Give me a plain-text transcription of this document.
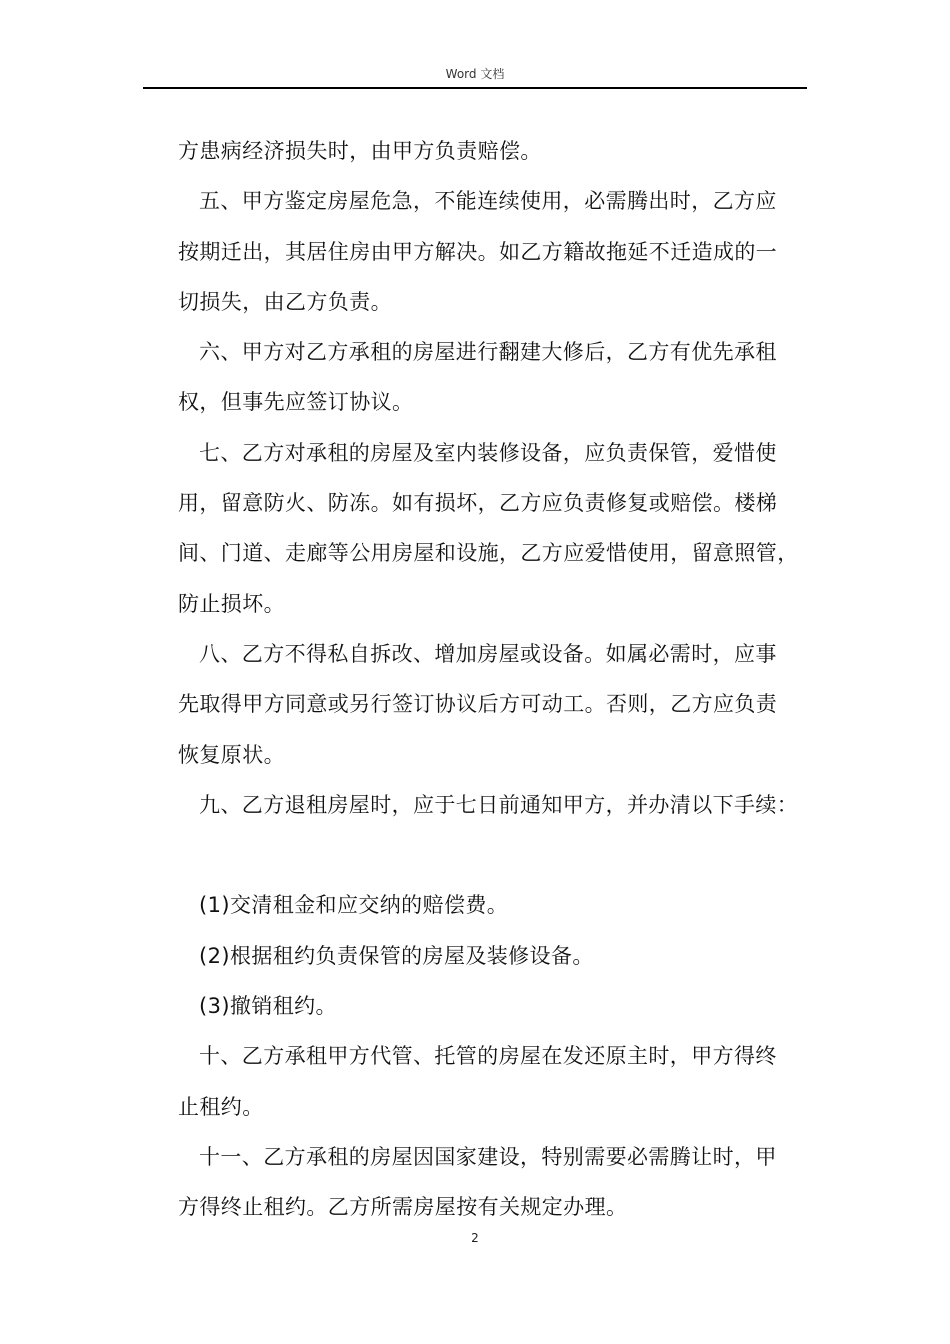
Word 文档
方患病经济损失时，由甲方负责赔偿。
五、甲方鉴定房屋危急，不能连续使用，必需腾出时，乙方应
按期迁出，其居住房由甲方解决。如乙方籍故拖延不迁造成的一
切损失，由乙方负责。
六、甲方对乙方承租的房屋进行翻建大修后，乙方有优先承租
权，但事先应签订协议。
七、乙方对承租的房屋及室内装修设备，应负责保管，爱惜使
用，留意防火、防冻。如有损坏，乙方应负责修复或赔偿。楼梯
间、门道、走廊等公用房屋和设施，乙方应爱惜使用，留意照管，
防止损坏。
八、乙方不得私自拆改、增加房屋或设备。如属必需时，应事
先取得甲方同意或另行签订协议后方可动工。否则，乙方应负责
恢复原状。
九、乙方退租房屋时，应于七日前通知甲方，并办清以下手续：
(1)交清租金和应交纳的赔偿费。
(2)根据租约负责保管的房屋及装修设备。
(3)撤销租约。
十、乙方承租甲方代管、托管的房屋在发还原主时，甲方得终
止租约。
十一、乙方承租的房屋因国家建设，特别需要必需腾让时，甲
方得终止租约。乙方所需房屋按有关规定办理。
2
